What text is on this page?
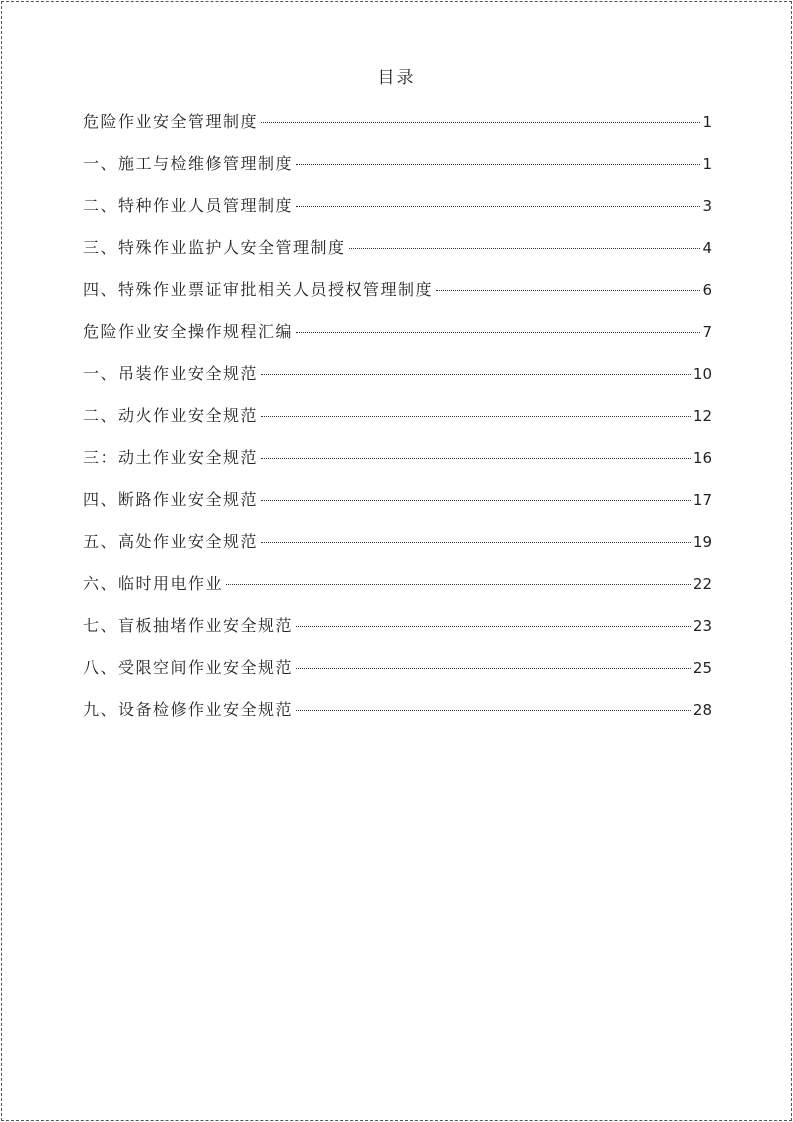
目录
危险作业安全管理制度	1
一、施工与检维修管理制度	1
二、特种作业人员管理制度	3
三、特殊作业监护人安全管理制度	4
四、特殊作业票证审批相关人员授权管理制度	6
危险作业安全操作规程汇编	7
一、吊装作业安全规范	10
二、动火作业安全规范	12
三：动土作业安全规范	16
四、断路作业安全规范	17
五、高处作业安全规范	19
六、临时用电作业	22
七、盲板抽堵作业安全规范	23
八、受限空间作业安全规范	25
九、设备检修作业安全规范	28
